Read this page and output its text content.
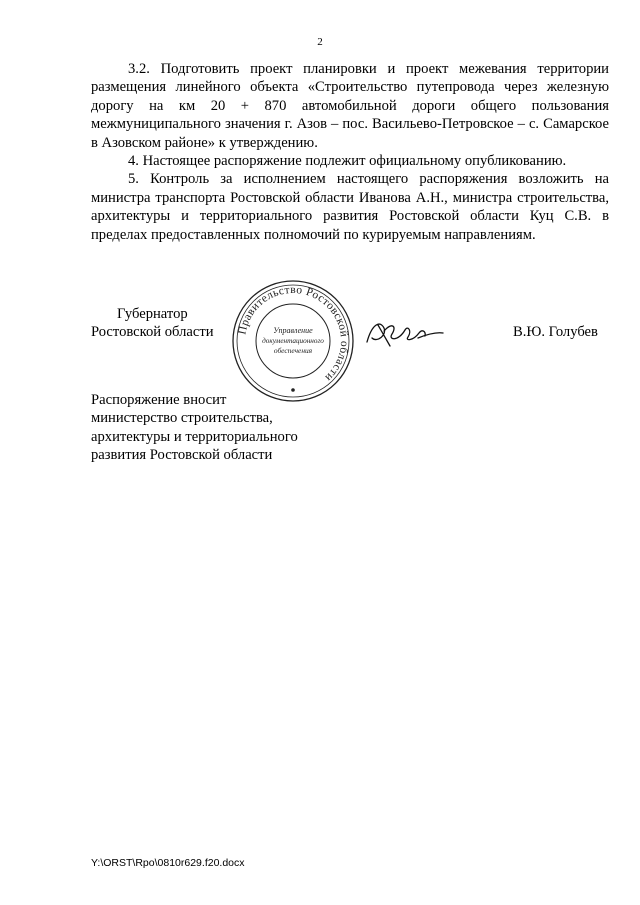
2

3.2. Подготовить проект планировки и проект межевания территории размещения линейного объекта «Строительство путепровода через железную дорогу на км 20 + 870 автомобильной дороги общего пользования межмуниципального значения г. Азов – пос. Васильево-Петровское – с. Самарское в Азовском районе» к утверждению.

4. Настоящее распоряжение подлежит официальному опубликованию.

5. Контроль за исполнением настоящего распоряжения возложить на министра транспорта Ростовской области Иванова А.Н., министра строительства, архитектуры и территориального развития Ростовской области Куц С.В. в пределах предоставленных полномочий по курируемым направлениям.

Губернатор
Ростовской области Правительство Ростовской области
Управление
документационного
обеспечения
В.Ю. Голубев
Распоряжение вносит
министерство строительства,
архитектуры и территориального
развития Ростовской области
Y:\ORST\Rpo\0810r629.f20.docx
